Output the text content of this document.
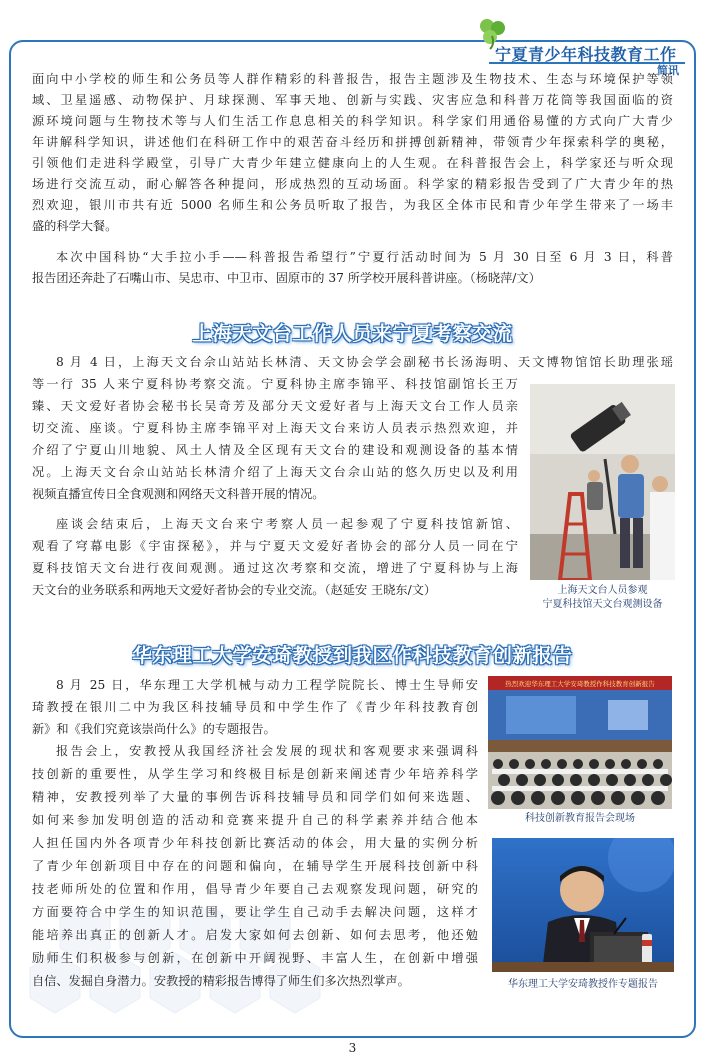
宁夏青少年科技教育工作
简讯

面向中小学校的师生和公务员等人群作精彩的科普报告，报告主题涉及生物技术、生态与环境保护等领

域、卫星遥感、动物保护、月球探测、军事天地、创新与实践、灾害应急和科普万花筒等我国面临的资

源环境问题与生物技术等与人们生活工作息息相关的科学知识。科学家们用通俗易懂的方式向广大青少

年讲解科学知识，讲述他们在科研工作中的艰苦奋斗经历和拼搏创新精神，带领青少年探索科学的奥秘，

引领他们走进科学殿堂，引导广大青少年建立健康向上的人生观。在科普报告会上，科学家还与听众现

场进行交流互动，耐心解答各种提问，形成热烈的互动场面。科学家的精彩报告受到了广大青少年的热

烈欢迎，银川市共有近 5000 名师生和公务员听取了报告，为我区全体市民和青少年学生带来了一场丰

盛的科学大餐。

本次中国科协“大手拉小手——科普报告希望行”宁夏行活动时间为 5 月 30 日至 6 月 3 日，科普

报告团还奔赴了石嘴山市、吴忠市、中卫市、固原市的 37 所学校开展科普讲座。（杨晓萍/文）

上海天文台工作人员来宁夏考察交流

8 月 4 日，上海天文台佘山站站长林清、天文协会学会副秘书长汤海明、天文博物馆馆长助理张瑶

等一行 35 人来宁夏科协考察交流。宁夏科协主席李锦平、科技馆副馆长王万

臻、天文爱好者协会秘书长吴奇芳及部分天文爱好者与上海天文台工作人员亲

切交流、座谈。宁夏科协主席李锦平对上海天文台来访人员表示热烈欢迎，并

介绍了宁夏山川地貌、风土人情及全区现有天文台的建设和观测设备的基本情

况。上海天文台佘山站站长林清介绍了上海天文台佘山站的悠久历史以及利用

视频直播宣传日全食观测和网络天文科普开展的情况。

座谈会结束后，上海天文台来宁考察人员一起参观了宁夏科技馆新馆、

观看了穹幕电影《宇宙探秘》，并与宁夏天文爱好者协会的部分人员一同在宁

夏科技馆天文台进行夜间观测。通过这次考察和交流，增进了宁夏科协与上海

天文台的业务联系和两地天文爱好者协会的专业交流。（赵延安 王晓东/文）	上海天文台人员参观
宁夏科技馆天文台观测设备
华东理工大学安琦教授到我区作科技教育创新报告

8 月 25 日，华东理工大学机械与动力工程学院院长、博士生导师安

琦教授在银川二中为我区科技辅导员和中学生作了《青少年科技教育创

新》和《我们究竟该崇尚什么》的专题报告。

报告会上，安教授从我国经济社会发展的现状和客观要求来强调科

技创新的重要性，从学生学习和终极目标是创新来阐述青少年培养科学

精神，安教授列举了大量的事例告诉科技辅导员和同学们如何来选题、

如何来参加发明创造的活动和竞赛来提升自己的科学素养并结合他本

人担任国内外各项青少年科技创新比赛活动的体会，用大量的实例分析

了青少年创新项目中存在的问题和偏向，在辅导学生开展科技创新中科

技老师所处的位置和作用，倡导青少年要自己去观察发现问题，研究的

方面要符合中学生的知识范围，要让学生自己动手去解决问题，这样才

能培养出真正的创新人才。启发大家如何去创新、如何去思考，他还勉

励师生们积极参与创新，在创新中开阔视野、丰富人生，在创新中增强

自信、发掘自身潜力。安教授的精彩报告博得了师生们多次热烈掌声。

热烈欢迎华东理工大学安琦教授作科技教育创新报告
科技创新教育报告会现场
华东理工大学安琦教授作专题报告
3
